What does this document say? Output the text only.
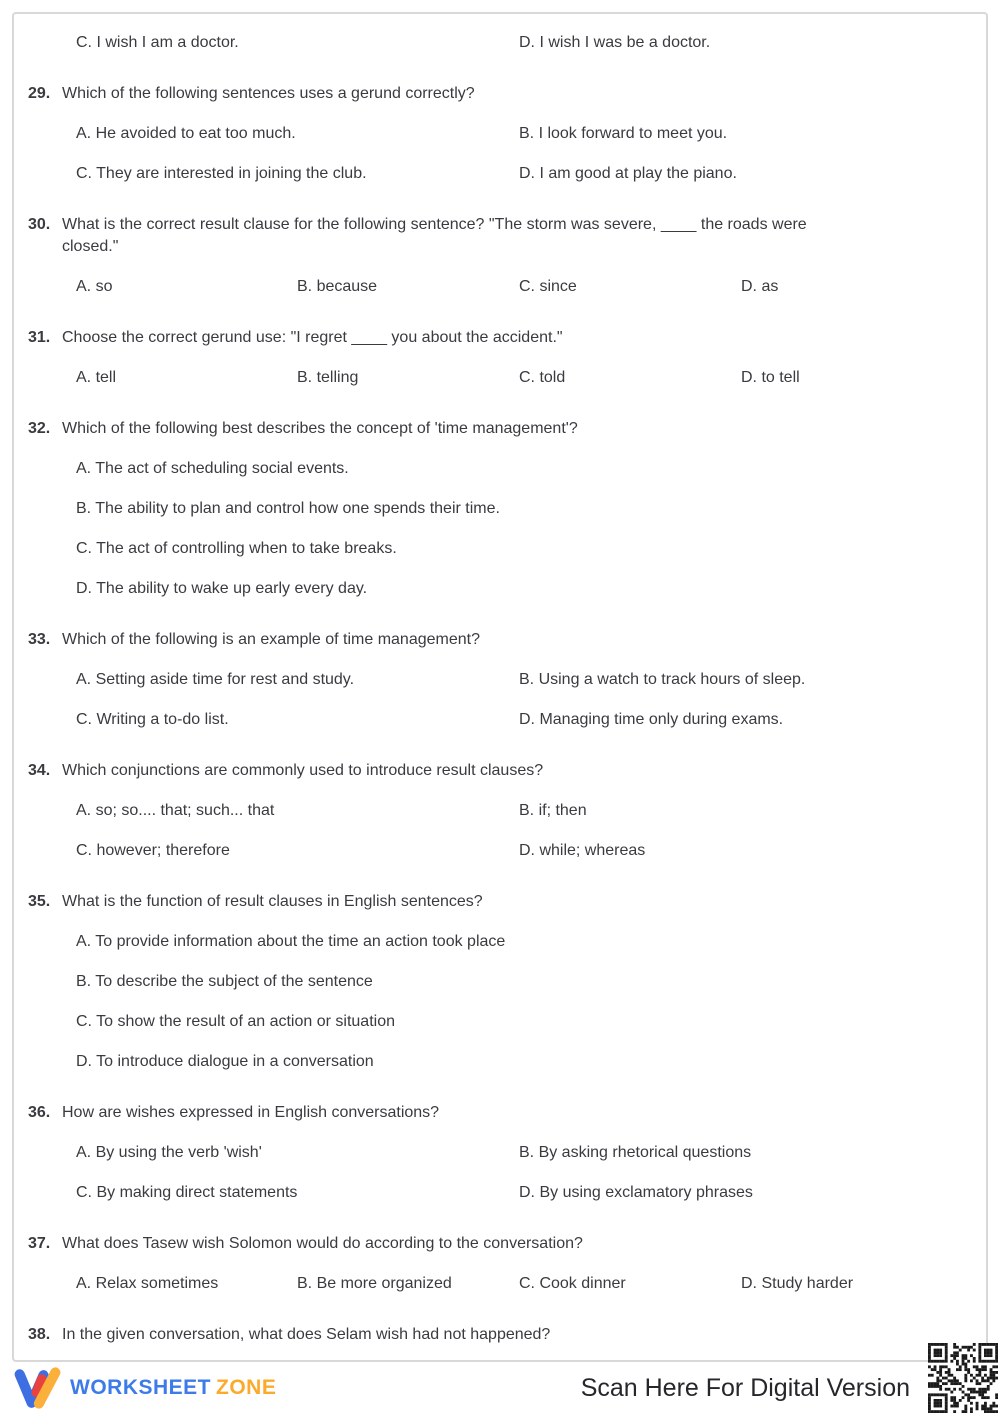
C. I wish I am a doctor.	D. I wish I was be a doctor.
29. Which of the following sentences uses a gerund correctly?
A. He avoided to eat too much.	B. I look forward to meet you.
C. They are interested in joining the club.	D. I am good at play the piano.
30. What is the correct result clause for the following sentence? "The storm was severe, ____ the roads were closed."
A. so	B. because	C. since	D. as
31. Choose the correct gerund use: "I regret ____ you about the accident."
A. tell	B. telling	C. told	D. to tell
32. Which of the following best describes the concept of 'time management'?
A. The act of scheduling social events.
B. The ability to plan and control how one spends their time.
C. The act of controlling when to take breaks.
D. The ability to wake up early every day.
33. Which of the following is an example of time management?
A. Setting aside time for rest and study.	B. Using a watch to track hours of sleep.
C. Writing a to-do list.	D. Managing time only during exams.
34. Which conjunctions are commonly used to introduce result clauses?
A. so; so.... that; such... that	B. if; then
C. however; therefore	D. while; whereas
35. What is the function of result clauses in English sentences?
A. To provide information about the time an action took place
B. To describe the subject of the sentence
C. To show the result of an action or situation
D. To introduce dialogue in a conversation
36. How are wishes expressed in English conversations?
A. By using the verb 'wish'	B. By asking rhetorical questions
C. By making direct statements	D. By using exclamatory phrases
37. What does Tasew wish Solomon would do according to the conversation?
A. Relax sometimes	B. Be more organized	C. Cook dinner	D. Study harder
38. In the given conversation, what does Selam wish had not happened?
WORKSHEET ZONE	Scan Here For Digital Version
